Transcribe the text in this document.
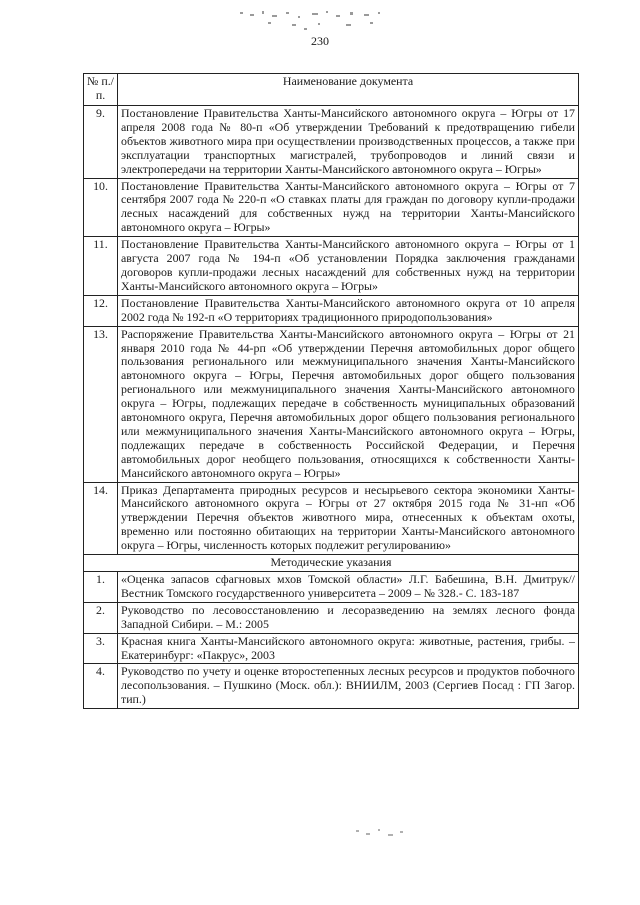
230
№ п./п.	Наименование документа
9.	Постановление Правительства Ханты-Мансийского автономного округа – Югры от 17 апреля 2008 года № 80-п «Об утверждении Требований к предотвращению гибели объектов животного мира при осуществлении производственных процессов, а также при эксплуатации транспортных магистралей, трубопроводов и линий связи и электропередачи на территории Ханты-Мансийского автономного округа – Югры»
10.	Постановление Правительства Ханты-Мансийского автономного округа – Югры от 7 сентября 2007 года № 220-п «О ставках платы для граждан по договору купли-продажи лесных насаждений для собственных нужд на территории Ханты-Мансийского автономного округа – Югры»
11.	Постановление Правительства Ханты-Мансийского автономного округа – Югры от 1 августа 2007 года № 194-п «Об установлении Порядка заключения гражданами договоров купли-продажи лесных насаждений для собственных нужд на территории Ханты-Мансийского автономного округа – Югры»
12.	Постановление Правительства Ханты-Мансийского автономного округа от 10 апреля 2002 года № 192-п «О территориях традиционного природопользования»
13.	Распоряжение Правительства Ханты-Мансийского автономного округа – Югры от 21 января 2010 года № 44-рп «Об утверждении Перечня автомобильных дорог общего пользования регионального или межмуниципального значения Ханты-Мансийского автономного округа – Югры, Перечня автомобильных дорог общего пользования регионального или межмуниципального значения Ханты-Мансийского автономного округа – Югры, подлежащих передаче в собственность муниципальных образований автономного округа, Перечня автомобильных дорог общего пользования регионального или межмуниципального значения Ханты-Мансийского автономного округа – Югры, подлежащих передаче в собственность Российской Федерации, и Перечня автомобильных дорог необщего пользования, относящихся к собственности Ханты-Мансийского автономного округа – Югры»
14.	Приказ Департамента природных ресурсов и несырьевого сектора экономики Ханты-Мансийского автономного округа – Югры от 27 октября 2015 года № 31-нп «Об утверждении Перечня объектов животного мира, отнесенных к объектам охоты, временно или постоянно обитающих на территории Ханты-Мансийского автономного округа – Югры, численность которых подлежит регулированию»
Методические указания	
1.	«Оценка запасов сфагновых мхов Томской области» Л.Г. Бабешина, В.Н. Дмитрук// Вестник Томского государственного университета – 2009 – № 328.- С. 183-187
2.	Руководство по лесовосстановлению и лесоразведению на землях лесного фонда Западной Сибири. – М.: 2005
3.	Красная книга Ханты-Мансийского автономного округа: животные, растения, грибы. – Екатеринбург: «Пакрус», 2003
4.	Руководство по учету и оценке второстепенных лесных ресурсов и продуктов побочного лесопользования. – Пушкино (Моск. обл.): ВНИИЛМ, 2003 (Сергиев Посад : ГП Загор. тип.)
